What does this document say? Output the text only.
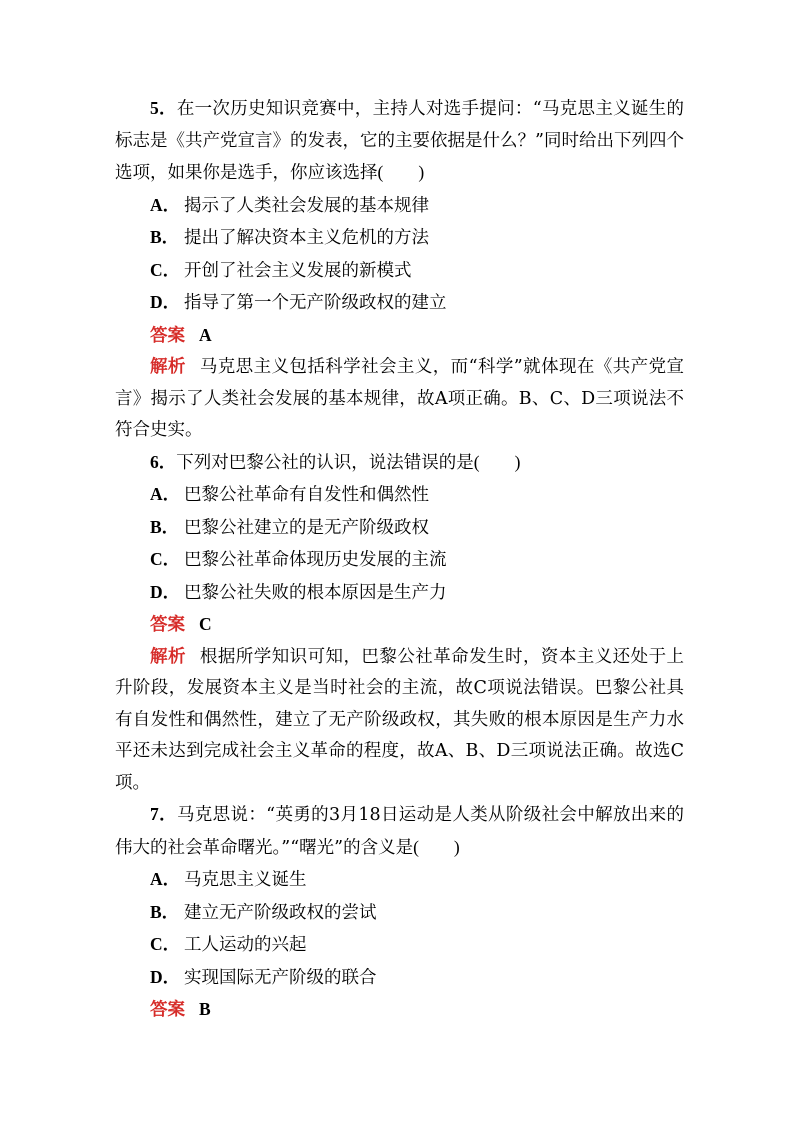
5．在一次历史知识竞赛中，主持人对选手提问：“马克思主义诞生的标志是《共产党宣言》的发表，它的主要依据是什么？”同时给出下列四个选项，如果你是选手，你应该选择(　　)

A． 揭示了人类社会发展的基本规律

B． 提出了解决资本主义危机的方法

C． 开创了社会主义发展的新模式

D． 指导了第一个无产阶级政权的建立

答案 A

解析 马克思主义包括科学社会主义，而“科学”就体现在《共产党宣言》揭示了人类社会发展的基本规律，故A项正确。B、C、D三项说法不符合史实。

6．下列对巴黎公社的认识，说法错误的是(　　)

A． 巴黎公社革命有自发性和偶然性

B． 巴黎公社建立的是无产阶级政权

C． 巴黎公社革命体现历史发展的主流

D． 巴黎公社失败的根本原因是生产力

答案 C

解析 根据所学知识可知，巴黎公社革命发生时，资本主义还处于上升阶段，发展资本主义是当时社会的主流，故C项说法错误。巴黎公社具有自发性和偶然性，建立了无产阶级政权，其失败的根本原因是生产力水平还未达到完成社会主义革命的程度，故A、B、D三项说法正确。故选C项。

7．马克思说：“英勇的3月18日运动是人类从阶级社会中解放出来的伟大的社会革命曙光。”“曙光”的含义是(　　)

A． 马克思主义诞生

B． 建立无产阶级政权的尝试

C． 工人运动的兴起

D． 实现国际无产阶级的联合

答案 B
